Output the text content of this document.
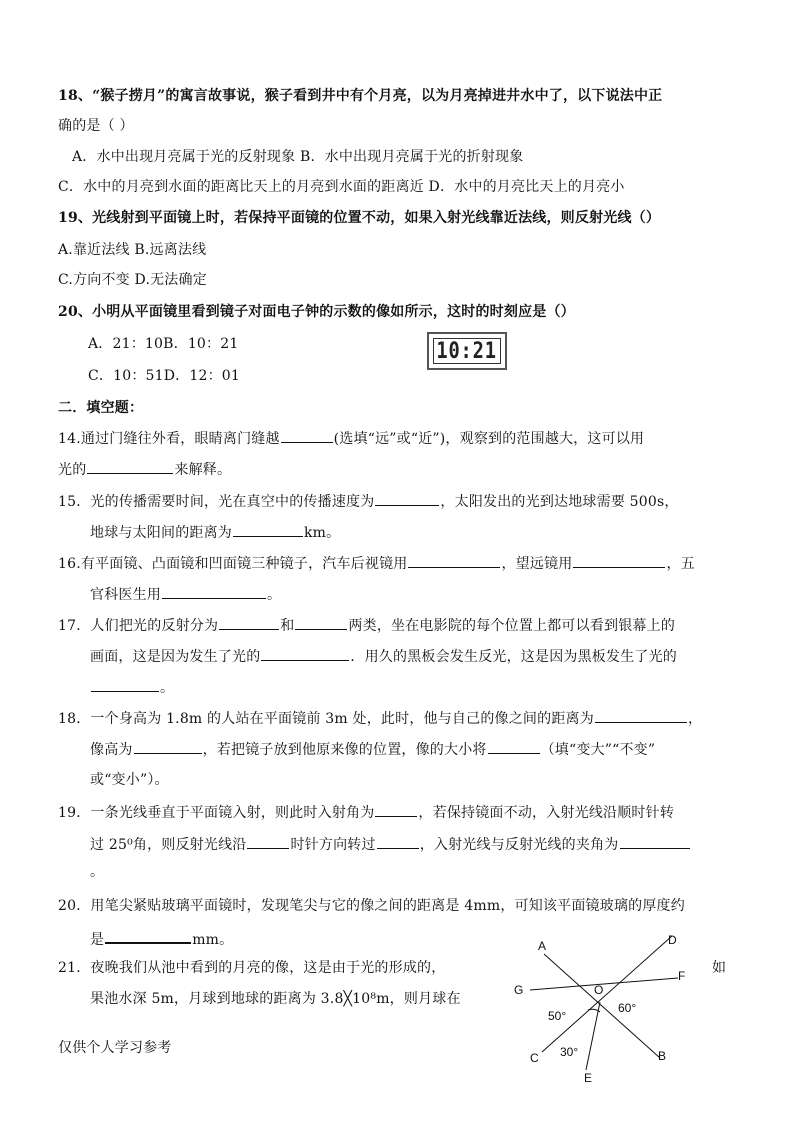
18、“猴子捞月”的寓言故事说，猴子看到井中有个月亮，以为月亮掉进井水中了，以下说法中正
确的是（ ）
A．水中出现月亮属于光的反射现象 B．水中出现月亮属于光的折射现象
C．水中的月亮到水面的距离比天上的月亮到水面的距离近 D．水中的月亮比天上的月亮小
19、光线射到平面镜上时，若保持平面镜的位置不动，如果入射光线靠近法线，则反射光线（）
A.靠近法线 B.远离法线
C.方向不变 D.无法确定
20、小明从平面镜里看到镜子对面电子钟的示数的像如所示，这时的时刻应是（）
A．21：10B．10：21
C．10：51D．12：01
10:21
二．填空题：
14.通过门缝往外看，眼睛离门缝越	(选填“远”或“近”)，观察到的范围越大，这可以用
光的	来解释。
15．光的传播需要时间，光在真空中的传播速度为	，太阳发出的光到达地球需要 500s，
地球与太阳间的距离为	km。
16.有平面镜、凸面镜和凹面镜三种镜子，汽车后视镜用	，望远镜用	，五
官科医生用	。
17．人们把光的反射分为	和	两类，坐在电影院的每个位置上都可以看到银幕上的
画面，这是因为发生了光的	．用久的黑板会发生反光，这是因为黑板发生了光的
。
18．一个身高为 1.8m 的人站在平面镜前 3m 处，此时，他与自己的像之间的距离为	，
像高为	，若把镜子放到他原来像的位置，像的大小将	（填“变大”“不变”
或“变小”）。
19．一条光线垂直于平面镜入射，则此时入射角为	，若保持镜面不动，入射光线沿顺时针转
过 25⁰角，则反射光线沿	时针方向转过	，入射光线与反射光线的夹角为
。
20．用笔尖紧贴玻璃平面镜时，发现笔尖与它的像之间的距离是 4mm，可知该平面镜玻璃的厚度约
是	mm。
21．夜晚我们从池中看到的月亮的像，这是由于光的形成的，	如
果池水深 5m，月球到地球的距离为 3.8╳10⁸m，则月球在
仅供个人学习参考
A	D
F
G	O
C
E
B
50°
60°
30°
